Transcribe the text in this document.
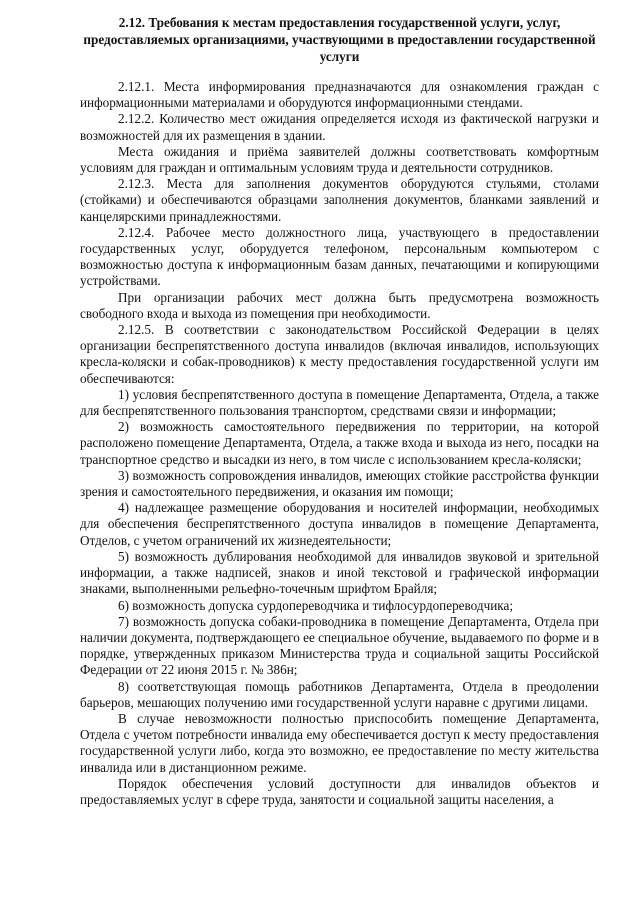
2.12. Требования к местам предоставления государственной услуги, услуг, предоставляемых организациями, участвующими в предоставлении государственной услуги

2.12.1. Места информирования предназначаются для ознакомления граждан с информационными материалами и оборудуются информационными стендами.

2.12.2. Количество мест ожидания определяется исходя из фактической нагрузки и возможностей для их размещения в здании.

Места ожидания и приёма заявителей должны соответствовать комфортным условиям для граждан и оптимальным условиям труда и деятельности сотрудников.

2.12.3. Места для заполнения документов оборудуются стульями, столами (стойками) и обеспечиваются образцами заполнения документов, бланками заявлений и канцелярскими принадлежностями.

2.12.4. Рабочее место должностного лица, участвующего в предоставлении государственных услуг, оборудуется телефоном, персональным компьютером с возможностью доступа к информационным базам данных, печатающими и копирующими устройствами.

При организации рабочих мест должна быть предусмотрена возможность свободного входа и выхода из помещения при необходимости.

2.12.5. В соответствии с законодательством Российской Федерации в целях организации беспрепятственного доступа инвалидов (включая инвалидов, использующих кресла-коляски и собак-проводников) к месту предоставления государственной услуги им обеспечиваются:

1) условия беспрепятственного доступа в помещение Департамента, Отдела, а также для беспрепятственного пользования транспортом, средствами связи и информации;

2) возможность самостоятельного передвижения по территории, на которой расположено помещение Департамента, Отдела, а также входа и выхода из него, посадки на транспортное средство и высадки из него, в том числе с использованием кресла-коляски;

3) возможность сопровождения инвалидов, имеющих стойкие расстройства функции зрения и самостоятельного передвижения, и оказания им помощи;

4) надлежащее размещение оборудования и носителей информации, необходимых для обеспечения беспрепятственного доступа инвалидов в помещение Департамента, Отделов, с учетом ограничений их жизнедеятельности;

5) возможность дублирования необходимой для инвалидов звуковой и зрительной информации, а также надписей, знаков и иной текстовой и графической информации знаками, выполненными рельефно-точечным шрифтом Брайля;

6) возможность допуска сурдопереводчика и тифлосурдопереводчика;

7) возможность допуска собаки-проводника в помещение Департамента, Отдела при наличии документа, подтверждающего ее специальное обучение, выдаваемого по форме и в порядке, утвержденных приказом Министерства труда и социальной защиты Российской Федерации от 22 июня 2015 г. № 386н;

8) соответствующая помощь работников Департамента, Отдела в преодолении барьеров, мешающих получению ими государственной услуги наравне с другими лицами.

В случае невозможности полностью приспособить помещение Департамента, Отдела с учетом потребности инвалида ему обеспечивается доступ к месту предоставления государственной услуги либо, когда это возможно, ее предоставление по месту жительства инвалида или в дистанционном режиме.

Порядок обеспечения условий доступности для инвалидов объектов и предоставляемых услуг в сфере труда, занятости и социальной защиты населения, а
